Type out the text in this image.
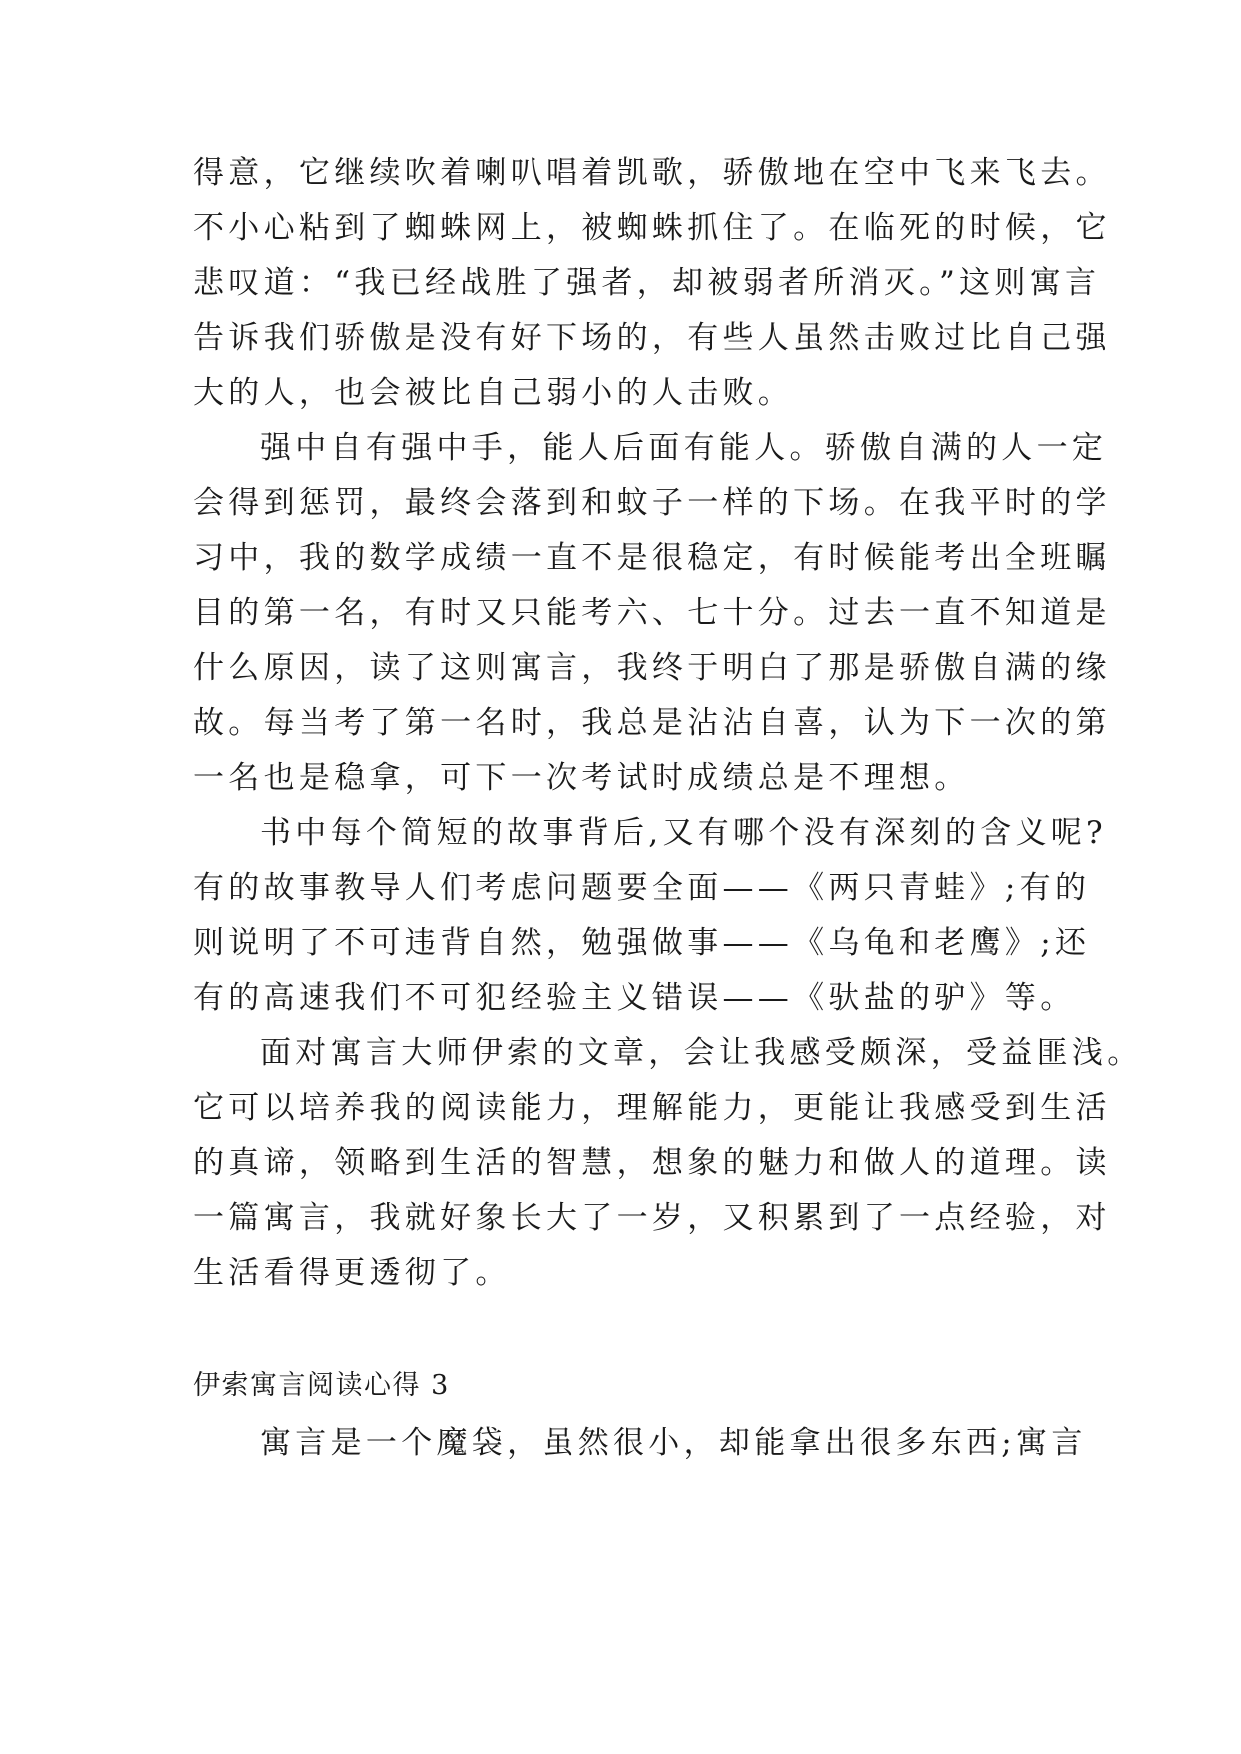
得意，它继续吹着喇叭唱着凯歌，骄傲地在空中飞来飞去。

不小心粘到了蜘蛛网上，被蜘蛛抓住了。在临死的时候，它

悲叹道：“我已经战胜了强者，却被弱者所消灭。”这则寓言

告诉我们骄傲是没有好下场的，有些人虽然击败过比自己强

大的人，也会被比自己弱小的人击败。

强中自有强中手，能人后面有能人。骄傲自满的人一定

会得到惩罚，最终会落到和蚊子一样的下场。在我平时的学

习中，我的数学成绩一直不是很稳定，有时候能考出全班瞩

目的第一名，有时又只能考六、七十分。过去一直不知道是

什么原因，读了这则寓言，我终于明白了那是骄傲自满的缘

故。每当考了第一名时，我总是沾沾自喜，认为下一次的第

一名也是稳拿，可下一次考试时成绩总是不理想。

书中每个简短的故事背后,又有哪个没有深刻的含义呢?

有的故事教导人们考虑问题要全面——《两只青蛙》;有的

则说明了不可违背自然，勉强做事——《乌龟和老鹰》;还

有的高速我们不可犯经验主义错误——《驮盐的驴》等。

面对寓言大师伊索的文章，会让我感受颇深，受益匪浅。

它可以培养我的阅读能力，理解能力，更能让我感受到生活

的真谛，领略到生活的智慧，想象的魅力和做人的道理。读

一篇寓言，我就好象长大了一岁，又积累到了一点经验，对

生活看得更透彻了。

伊索寓言阅读心得 3

寓言是一个魔袋，虽然很小，却能拿出很多东西;寓言
